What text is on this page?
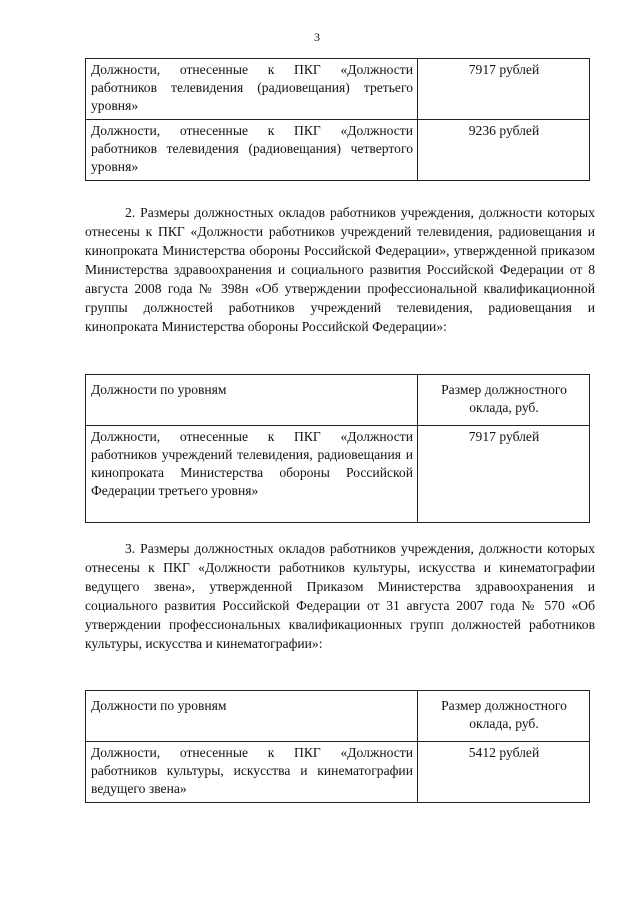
3
Должности, отнесенные к ПКГ «Должности работников телевидения (радиовещания) третьего уровня»	7917 рублей
Должности, отнесенные к ПКГ «Должности работников телевидения (радиовещания) четвертого уровня»	9236 рублей

2. Размеры должностных окладов работников учреждения, должности которых отнесены к ПКГ «Должности работников учреждений телевидения, радиовещания и кинопроката Министерства обороны Российской Федерации», утвержденной приказом Министерства здравоохранения и социального развития Российской Федерации от 8 августа 2008 года № 398н «Об утверждении профессиональной квалификационной группы должностей работников учреждений телевидения, радиовещания и кинопроката Министерства обороны Российской Федерации»:

Должности по уровням	Размер должностного оклада, руб.
Должности, отнесенные к ПКГ «Должности работников учреждений телевидения, радиовещания и кинопроката Министерства обороны Российской Федерации третьего уровня»	7917 рублей

3. Размеры должностных окладов работников учреждения, должности которых отнесены к ПКГ «Должности работников культуры, искусства и кинематографии ведущего звена», утвержденной Приказом Министерства здравоохранения и социального развития Российской Федерации от 31 августа 2007 года № 570 «Об утверждении профессиональных квалификационных групп должностей работников культуры, искусства и кинематографии»:

Должности по уровням	Размер должностного оклада, руб.
Должности, отнесенные к ПКГ «Должности работников культуры, искусства и кинематографии ведущего звена»	5412 рублей
